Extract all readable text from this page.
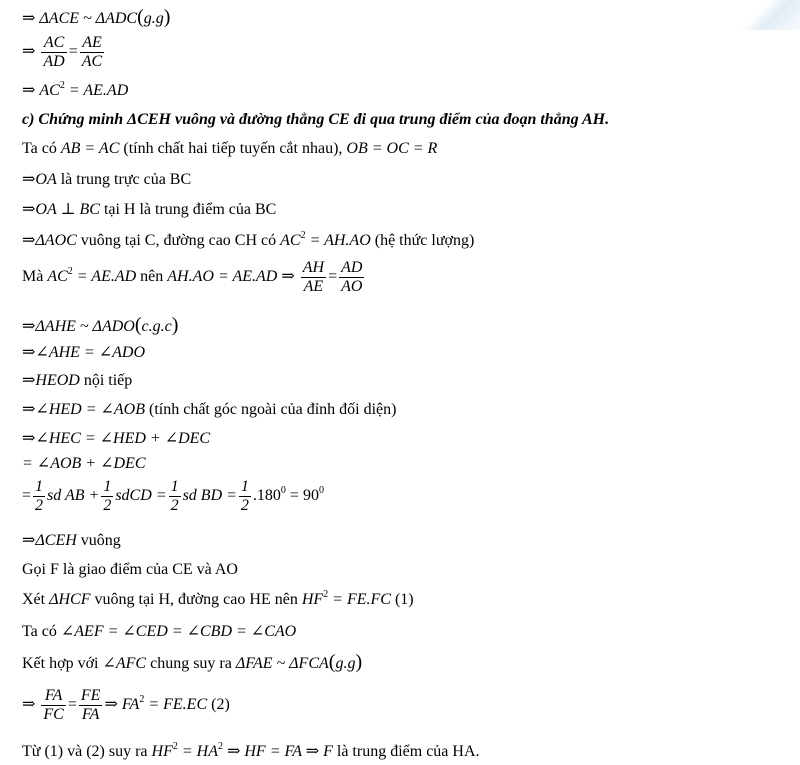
⇒ ΔACE ~ ΔADC(g.g)
⇒ $\frac{AC}{AD} = \frac{AE}{AC}$
⇒ $AC^2 = AE.AD$
c) Chứng minh ΔCEH vuông và đường thẳng CE đi qua trung điểm của đoạn thẳng AH.
Ta có AB = AC (tính chất hai tiếp tuyến cắt nhau), OB = OC = R
⇒OA là trung trực của BC
⇒OA ⊥ BC tại H là trung điểm của BC
⇒ΔAOC vuông tại C, đường cao CH có $AC^2 = AH.AO$ (hệ thức lượng)
Mà $AC^2 = AE.AD$ nên AH.AO = AE.AD ⇒ $\frac{AH}{AE} = \frac{AD}{AO}$
⇒ΔAHE ~ ΔADO(c.g.c)
⇒∠AHE = ∠ADO
⇒HEOD nội tiếp
⇒∠HED = ∠AOB (tính chất góc ngoài của đỉnh đối diện)
⇒∠HEC = ∠HED + ∠DEC
= ∠AOB + ∠DEC
= $\frac{1}{2}$ sd AB + $\frac{1}{2}$ sdCD = $\frac{1}{2}$ sd BD = $\frac{1}{2} .180^0 = 90^0$
⇒ΔCEH vuông
Gọi F là giao điểm của CE và AO
Xét ΔHCF vuông tại H, đường cao HE nên $HF^2 = FE.FC$ (1)
Ta có ∠AEF = ∠CED = ∠CBD = ∠CAO
Kết hợp với ∠AFC chung suy ra ΔFAE ~ ΔFCA(g.g)
⇒ $\frac{FA}{FC} = \frac{FE}{FA}$ ⇒ $FA^2 = FE.EC$ (2)
Từ (1) và (2) suy ra $HF^2 = HA^2$ ⇒ HF = FA ⇒ F là trung điểm của HA.
